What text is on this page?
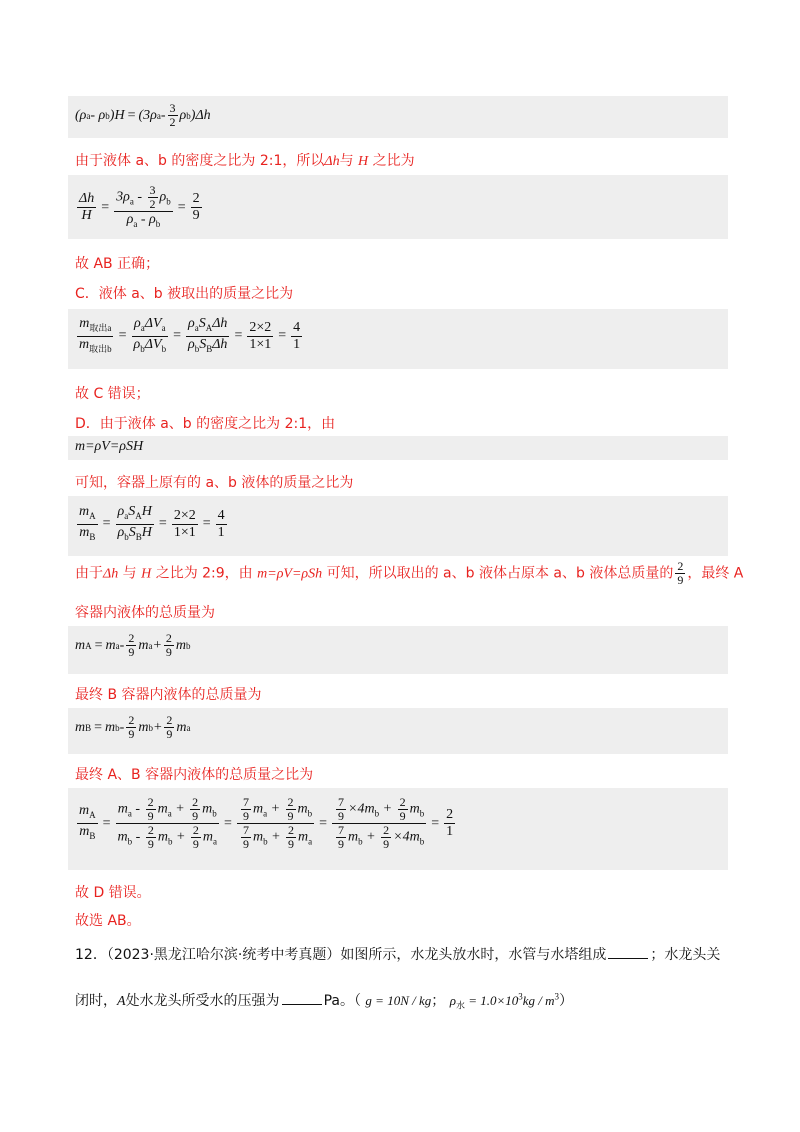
(ρ a - ρ b ) H = (3ρ a - $\frac{3}{2}$ ρ b )Δ h
由于液体 a、b 的密度之比为 2:1，所以Δh与 H 之比为
$\frac{\Delta h}{H} = \frac{3\rho_a - \frac{3}{2} \rho_b}{\rho_a - \rho_b} = \frac{2}{9}$
故 AB 正确；
C．液体 a、b 被取出的质量之比为
$\frac{m_{取出a}}{m_{取出b}} = \frac{\rho_a\Delta V_a}{\rho_b\Delta V_b} = \frac{\rho_aS_A\Delta h}{\rho_bS_B\Delta h} = \frac{2\times 2}{1\times 1} = \frac{4}{1}$
故 C 错误；
D．由于液体 a、b 的密度之比为 2:1，由
m=ρV=ρSH
可知，容器上原有的 a、b 液体的质量之比为
$\frac{m_A}{m_B} = \frac{\rho_aS_AH}{\rho_bS_BH} = \frac{2\times 2}{1\times 1} = \frac{4}{1}$
由于Δh 与 H 之比为 2:9，由 m=ρV=ρSh 可知，所以取出的 a、b 液体占原本 a、b 液体总质量的 $\frac{2}{9}$ ，最终 A
容器内液体的总质量为
m A = m a - $\frac{2}{9}$ m $a + \frac{2}{9}$ m b
最终 B 容器内液体的总质量为
m B = m b - $\frac{2}{9}$ m $b + \frac{2}{9}$ m a
最终 A、B 容器内液体的总质量之比为
$\frac{m_A}{m_B} = \frac{m_a - \frac{2}{9} m_a + \frac{2}{9} m_b}{m_b - \frac{2}{9} m_b + \frac{2}{9} m_a} = \frac{\frac{7}{9} m_a + \frac{2}{9} m_b}{\frac{7}{9} m_b + \frac{2}{9} m_a} = \frac{\frac{7}{9} \times 4m_b + \frac{2}{9} m_b}{\frac{7}{9} m_b + \frac{2}{9} \times 4m_b} = \frac{2}{1}$
故 D 错误。
故选 AB。
12．（2023·黑龙江哈尔滨·统考中考真题）如图所示，水龙头放水时，水管与水塔组成	；水龙头关
闭时，A处水龙头所受水的压强为	Pa。（ g = 10N / kg； $\rho_水 = 1.0\times 10^3kg / m^3$）
